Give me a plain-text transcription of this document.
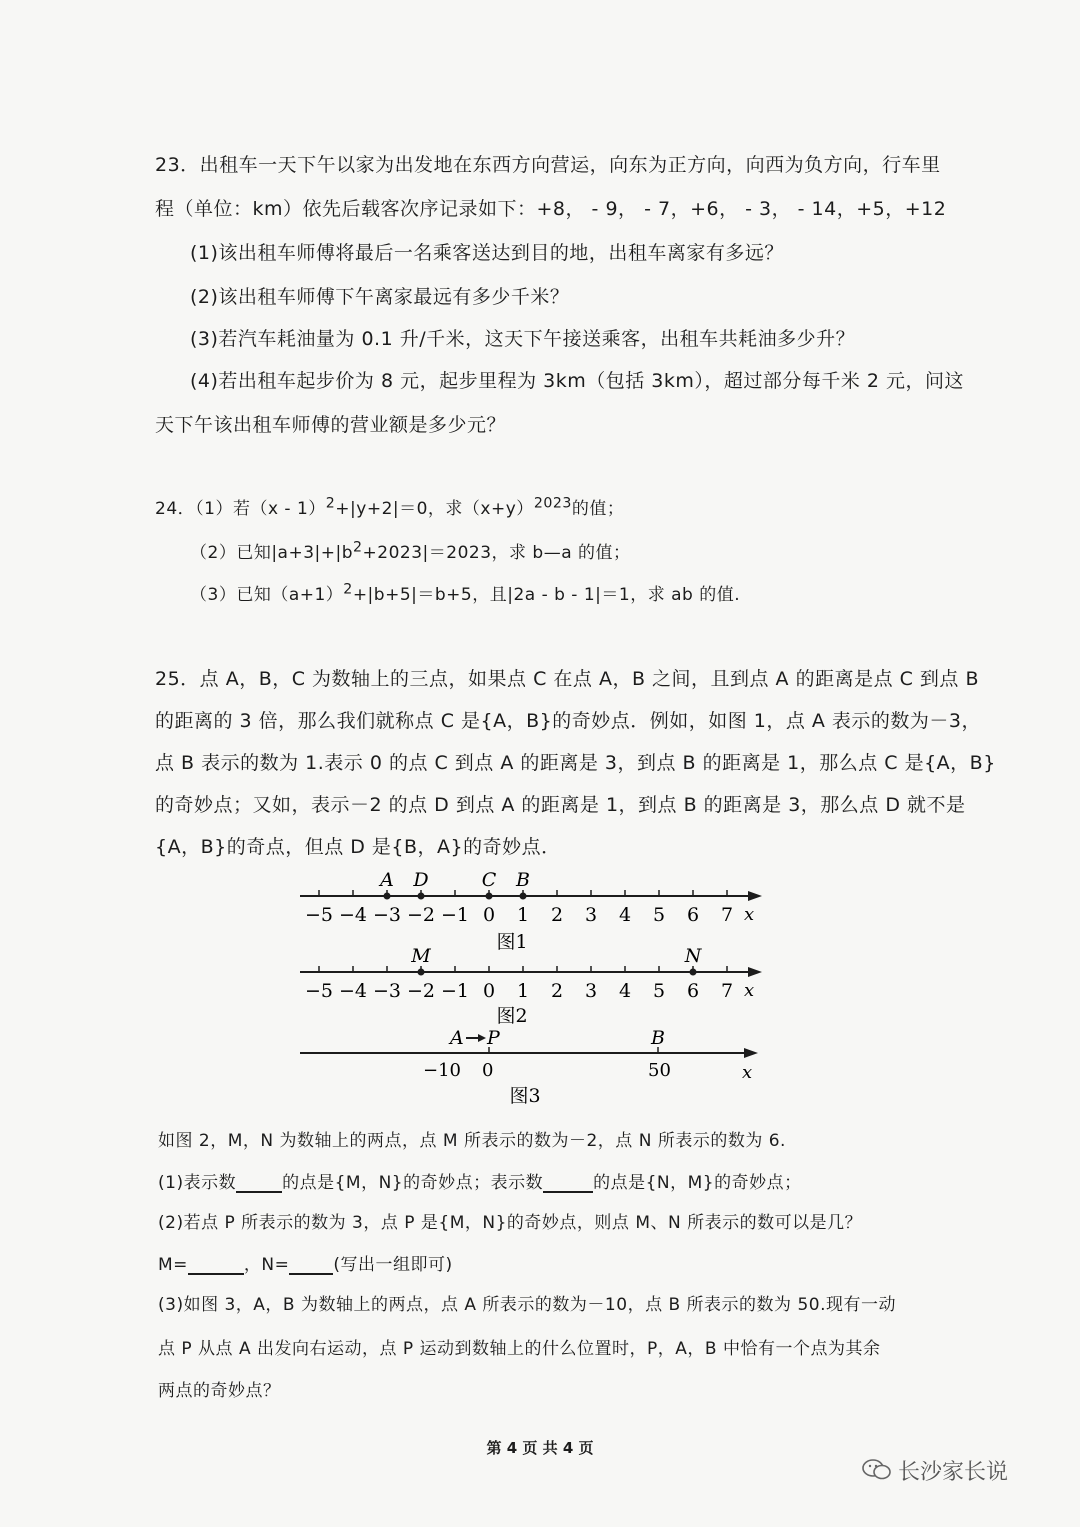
23．出租车一天下午以家为出发地在东西方向营运，向东为正方向，向西为负方向，行车里
程（单位：km）依先后载客次序记录如下：+8， - 9， - 7，+6， - 3， - 14，+5，+12
(1)该出租车师傅将最后一名乘客送达到目的地，出租车离家有多远？
(2)该出租车师傅下午离家最远有多少千米？
(3)若汽车耗油量为 0.1 升/千米，这天下午接送乘客，出租车共耗油多少升？
(4)若出租车起步价为 8 元，起步里程为 3km（包括 3km），超过部分每千米 2 元，问这
天下午该出租车师傅的营业额是多少元？
24．（1）若（x - 1）$^2$+|y+2|＝0，求$(x+y)^{2023}$的值；
（2）已知$|a+3|+|b^2+2023|=2023$，求 b—a 的值；
（3）已知$(a+1)^2+|b+5|=b+5$，且|2a - b - 1|＝1，求 ab 的值.
25．点 A，B，C 为数轴上的三点，如果点 C 在点 A，B 之间，且到点 A 的距离是点 C 到点 B
的距离的 3 倍，那么我们就称点 C 是{A，B}的奇妙点．例如，如图 1，点 A 表示的数为－3，
点 B 表示的数为 1.表示 0 的点 C 到点 A 的距离是 3，到点 B 的距离是 1，那么点 C 是{A，B}
的奇妙点；又如，表示－2 的点 D 到点 A 的距离是 1，到点 B 的距离是 3，那么点 D 就不是
{A，B}的奇点，但点 D 是{B，A}的奇妙点．
−5 −4 −3 −2 −1 0 1 2 3 4 5 6 7 x
A D	C B
图1
−5 −4 −3 −2 −1 0 1 2 3 4 5 6 7 x
M	N
图2
A P	B
−10 0	50	x
图3
如图 2，M，N 为数轴上的两点，点 M 所表示的数为－2，点 N 所表示的数为 6.
(1)表示数	的点是{M，N}的奇妙点；表示数	的点是{N，M}的奇妙点；
(2)若点 P 所表示的数为 3，点 P 是{M，N}的奇妙点，则点 M、N 所表示的数可以是几？
M=	，N=	(写出一组即可)
(3)如图 3，A，B 为数轴上的两点，点 A 所表示的数为－10，点 B 所表示的数为 50.现有一动
点 P 从点 A 出发向右运动，点 P 运动到数轴上的什么位置时，P，A，B 中恰有一个点为其余
两点的奇妙点？
第 4 页 共 4 页
长沙家长说
